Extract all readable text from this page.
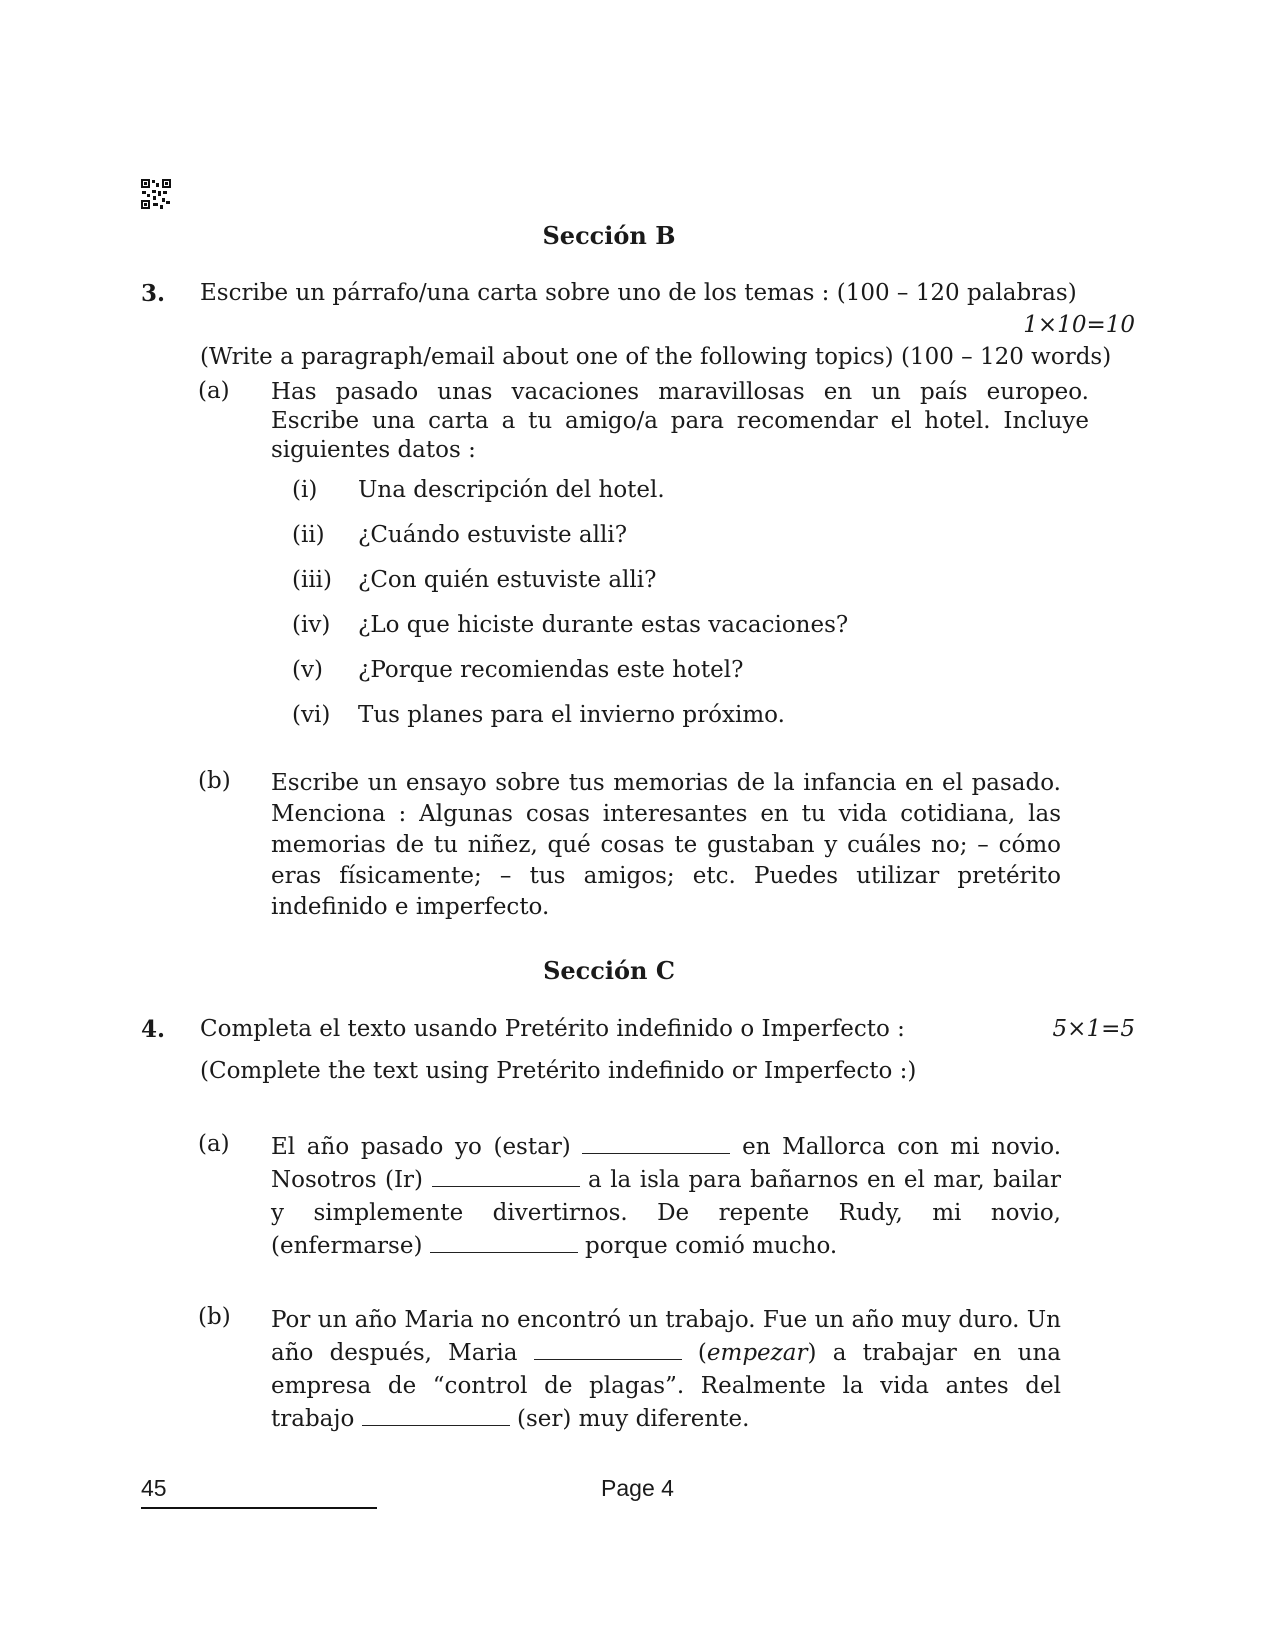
Sección B
3. Escribe un párrafo/una carta sobre uno de los temas : (100 – 120 palabras)
1×10=10
(Write a paragraph/email about one of the following topics) (100 – 120 words)
(a) Has pasado unas vacaciones maravillosas en un país europeo. Escribe una carta a tu amigo/a para recomendar el hotel. Incluye siguientes datos :
(i) Una descripción del hotel.
(ii) ¿Cuándo estuviste alli?
(iii) ¿Con quién estuviste alli?
(iv) ¿Lo que hiciste durante estas vacaciones?
(v) ¿Porque recomiendas este hotel?
(vi) Tus planes para el invierno próximo.
(b) Escribe un ensayo sobre tus memorias de la infancia en el pasado. Menciona : Algunas cosas interesantes en tu vida cotidiana, las memorias de tu niñez, qué cosas te gustaban y cuáles no; – cómo eras físicamente; – tus amigos; etc. Puedes utilizar pretérito indefinido e imperfecto.
Sección C
4. Completa el texto usando Pretérito indefinido o Imperfecto :	5×1=5
(Complete the text using Pretérito indefinido or Imperfecto :)
(a) El año pasado yo (estar)	en Mallorca con mi novio. Nosotros (Ir)	a la isla para bañarnos en el mar, bailar y simplemente divertirnos. De repente Rudy, mi novio, (enfermarse)	porque comió mucho.
(b) Por un año Maria no encontró un trabajo. Fue un año muy duro. Un año después, Maria	(empezar) a trabajar en una empresa de “control de plagas”. Realmente la vida antes del trabajo	(ser) muy diferente.
45	Page 4
